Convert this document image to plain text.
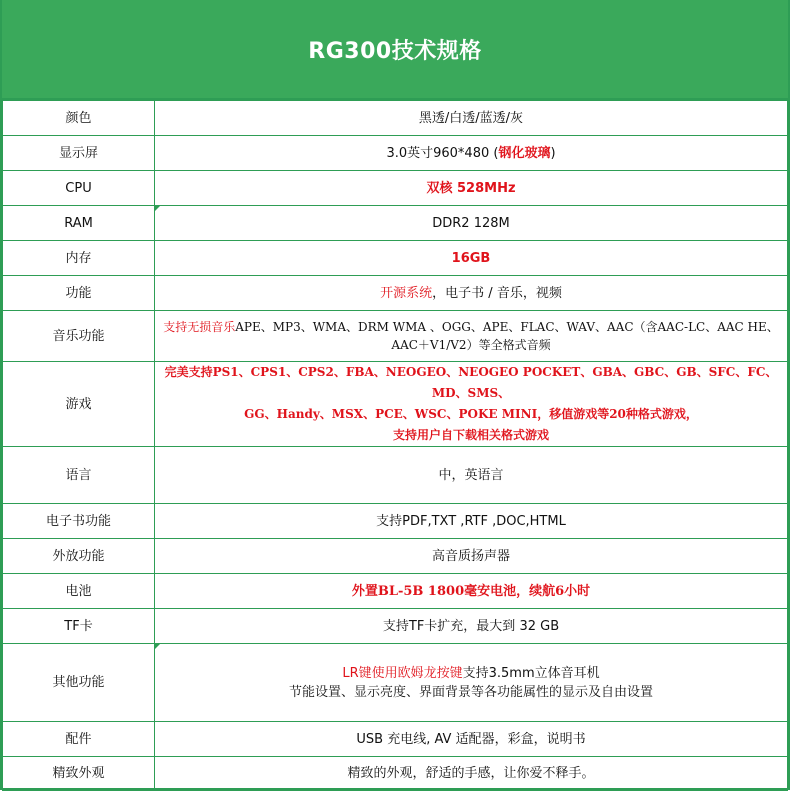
RG300技术规格
颜色	黑透/白透/蓝透/灰
显示屏	3.0英寸960*480 (钢化玻璃)
CPU	双核 528MHz
RAM	DDR2 128M
内存	16GB
功能	开源系统，电子书 / 音乐，视频
音乐功能	支持无损音乐APE、MP3、WMA、DRM WMA 、OGG、APE、FLAC、WAV、AAC（含AAC-LC、AAC HE、AAC＋V1/V2）等全格式音频
游戏	完美支持PS1、CPS1、CPS2、FBA、NEOGEO、NEOGEO POCKET、GBA、GBC、GB、SFC、FC、MD、SMS、
GG、Handy、MSX、PCE、WSC、POKE MINI，移值游戏等20种格式游戏，
支持用户自下载相关格式游戏

语言	中，英语言
电子书功能	支持PDF,TXT ,RTF ,DOC,HTML
外放功能	高音质扬声器
电池	外置BL-5B 1800毫安电池，续航6小时
TF卡	支持TF卡扩充，最大到 32 GB
其他功能	LR键使用欧姆龙按键支持3.5mm立体音耳机
节能设置、显示亮度、界面背景等各功能属性的显示及自由设置

配件	USB 充电线, AV 适配器，彩盒，说明书
精致外观	精致的外观，舒适的手感，让你爱不释手。
